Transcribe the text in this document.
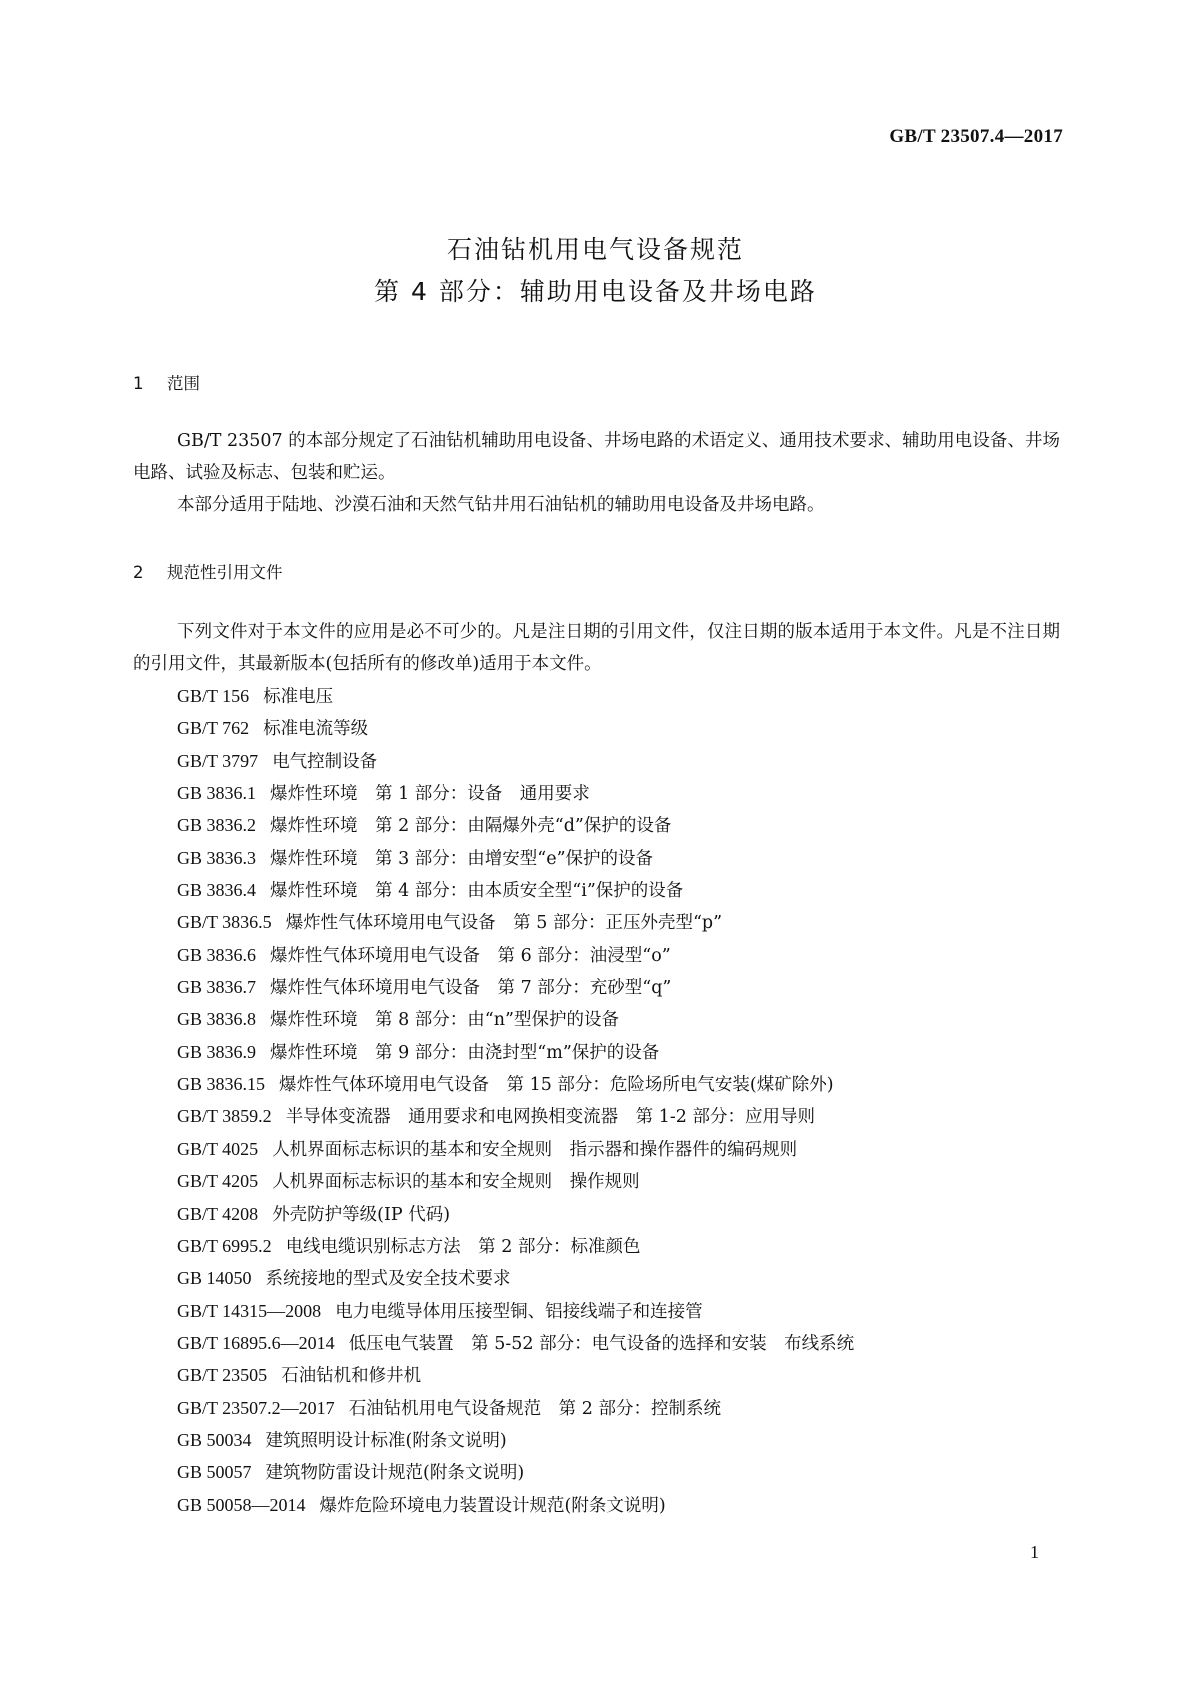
GB/T 23507.4—2017
石油钻机用电气设备规范
第 4 部分：辅助用电设备及井场电路
1 范围

GB/T 23507 的本部分规定了石油钻机辅助用电设备、井场电路的术语定义、通用技术要求、辅助用电设备、井场电路、试验及标志、包装和贮运。

本部分适用于陆地、沙漠石油和天然气钻井用石油钻机的辅助用电设备及井场电路。

2 规范性引用文件

下列文件对于本文件的应用是必不可少的。凡是注日期的引用文件，仅注日期的版本适用于本文件。凡是不注日期的引用文件，其最新版本(包括所有的修改单)适用于本文件。

GB/T 156 标准电压
GB/T 762 标准电流等级
GB/T 3797 电气控制设备
GB 3836.1 爆炸性环境　第 1 部分：设备　通用要求
GB 3836.2 爆炸性环境　第 2 部分：由隔爆外壳“d”保护的设备
GB 3836.3 爆炸性环境　第 3 部分：由增安型“e”保护的设备
GB 3836.4 爆炸性环境　第 4 部分：由本质安全型“i”保护的设备
GB/T 3836.5 爆炸性气体环境用电气设备　第 5 部分：正压外壳型“p”
GB 3836.6 爆炸性气体环境用电气设备　第 6 部分：油浸型“o”
GB 3836.7 爆炸性气体环境用电气设备　第 7 部分：充砂型“q”
GB 3836.8 爆炸性环境　第 8 部分：由“n”型保护的设备
GB 3836.9 爆炸性环境　第 9 部分：由浇封型“m”保护的设备
GB 3836.15 爆炸性气体环境用电气设备　第 15 部分：危险场所电气安装(煤矿除外)
GB/T 3859.2 半导体变流器　通用要求和电网换相变流器　第 1-2 部分：应用导则
GB/T 4025 人机界面标志标识的基本和安全规则　指示器和操作器件的编码规则
GB/T 4205 人机界面标志标识的基本和安全规则　操作规则
GB/T 4208 外壳防护等级(IP 代码)
GB/T 6995.2 电线电缆识别标志方法　第 2 部分：标准颜色
GB 14050 系统接地的型式及安全技术要求
GB/T 14315—2008 电力电缆导体用压接型铜、铝接线端子和连接管
GB/T 16895.6—2014 低压电气装置　第 5-52 部分：电气设备的选择和安装　布线系统
GB/T 23505 石油钻机和修井机
GB/T 23507.2—2017 石油钻机用电气设备规范　第 2 部分：控制系统
GB 50034 建筑照明设计标准(附条文说明)
GB 50057 建筑物防雷设计规范(附条文说明)
GB 50058—2014 爆炸危险环境电力装置设计规范(附条文说明)
1
